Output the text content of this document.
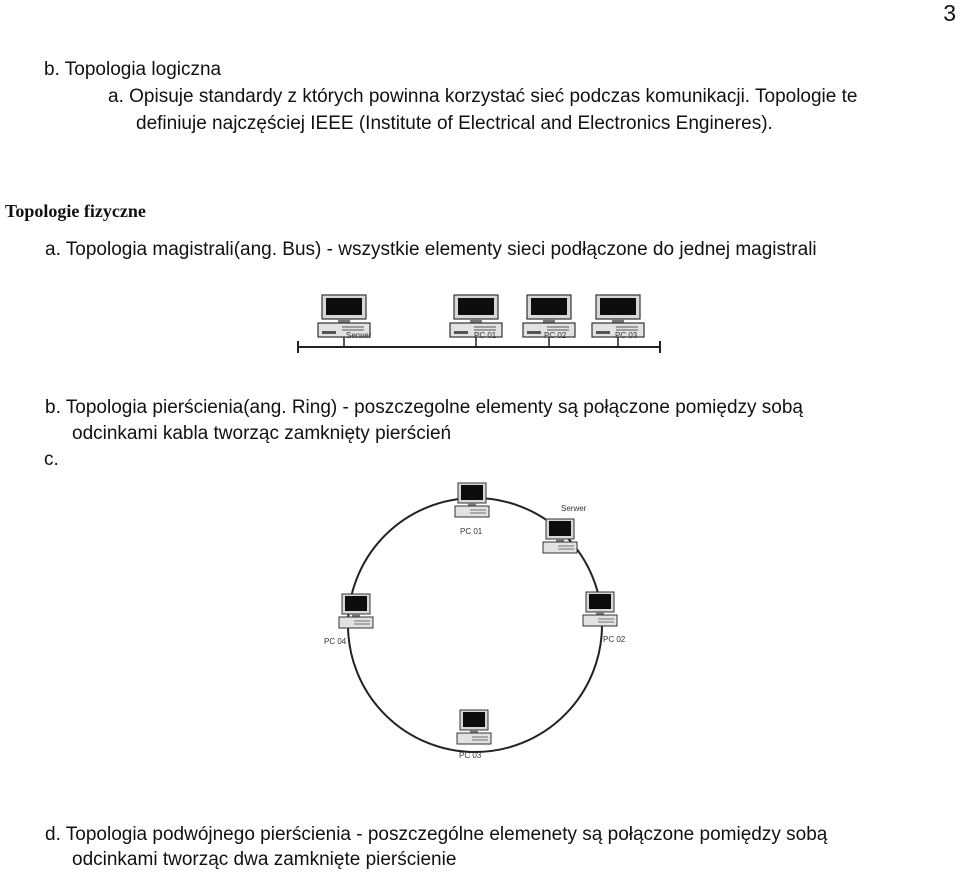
3
b. Topologia logiczna
a. Opisuje standardy z których powinna korzystać sieć podczas komunikacji. Topologie te
definiuje najczęściej IEEE (Institute of Electrical and Electronics Engineres).
Topologie fizyczne
a. Topologia magistrali(ang. Bus) - wszystkie elementy sieci podłączone do jednej magistrali
Serwer	PC 01	PC 02	PC 03
b. Topologia pierścienia(ang. Ring) - poszczegolne elementy są połączone pomiędzy sobą
odcinkami kabla tworząc zamknięty pierścień
c.
PC 01
Serwer
PC 02
PC 03
PC 04
d. Topologia podwójnego pierścienia - poszczególne elemenety są połączone pomiędzy sobą
odcinkami tworząc dwa zamknięte pierścienie
